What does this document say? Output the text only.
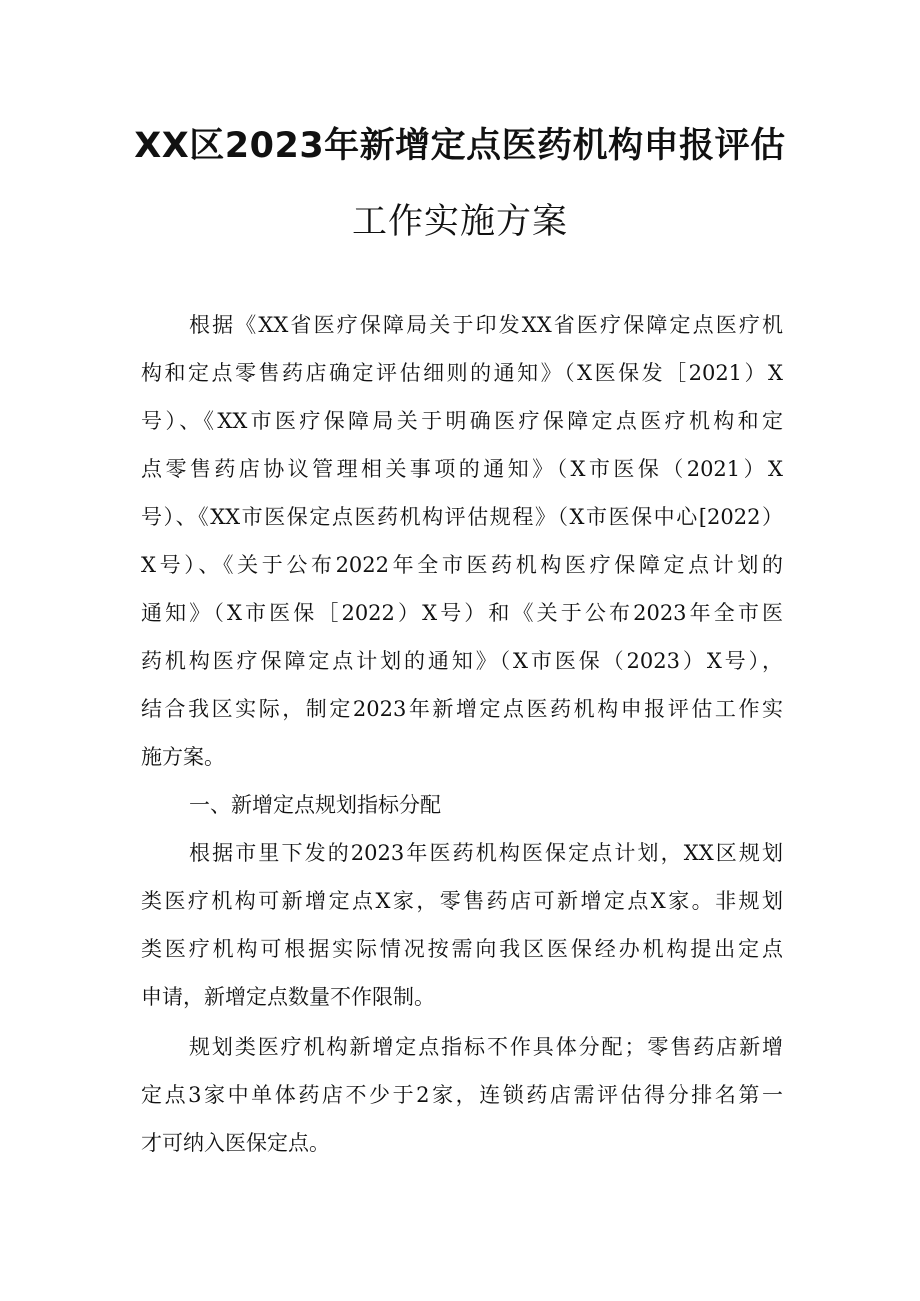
XX区2023年新增定点医药机构申报评估
工作实施方案

根据《XX省医疗保障局关于印发XX省医疗保障定点医疗机

构和定点零售药店确定评估细则的通知》（X医保发［2021）X

号）、《XX市医疗保障局关于明确医疗保障定点医疗机构和定

点零售药店协议管理相关事项的通知》（X市医保（2021）X

号）、《XX市医保定点医药机构评估规程》（X市医保中心[2022）

X号）、《关于公布2022年全市医药机构医疗保障定点计划的

通知》（X市医保［2022）X号）和《关于公布2023年全市医

药机构医疗保障定点计划的通知》（X市医保（2023）X号），

结合我区实际，制定2023年新增定点医药机构申报评估工作实

施方案。

一、新增定点规划指标分配

根据市里下发的2023年医药机构医保定点计划，XX区规划

类医疗机构可新增定点X家，零售药店可新增定点X家。非规划

类医疗机构可根据实际情况按需向我区医保经办机构提出定点

申请，新增定点数量不作限制。

规划类医疗机构新增定点指标不作具体分配；零售药店新增

定点3家中单体药店不少于2家，连锁药店需评估得分排名第一

才可纳入医保定点。
